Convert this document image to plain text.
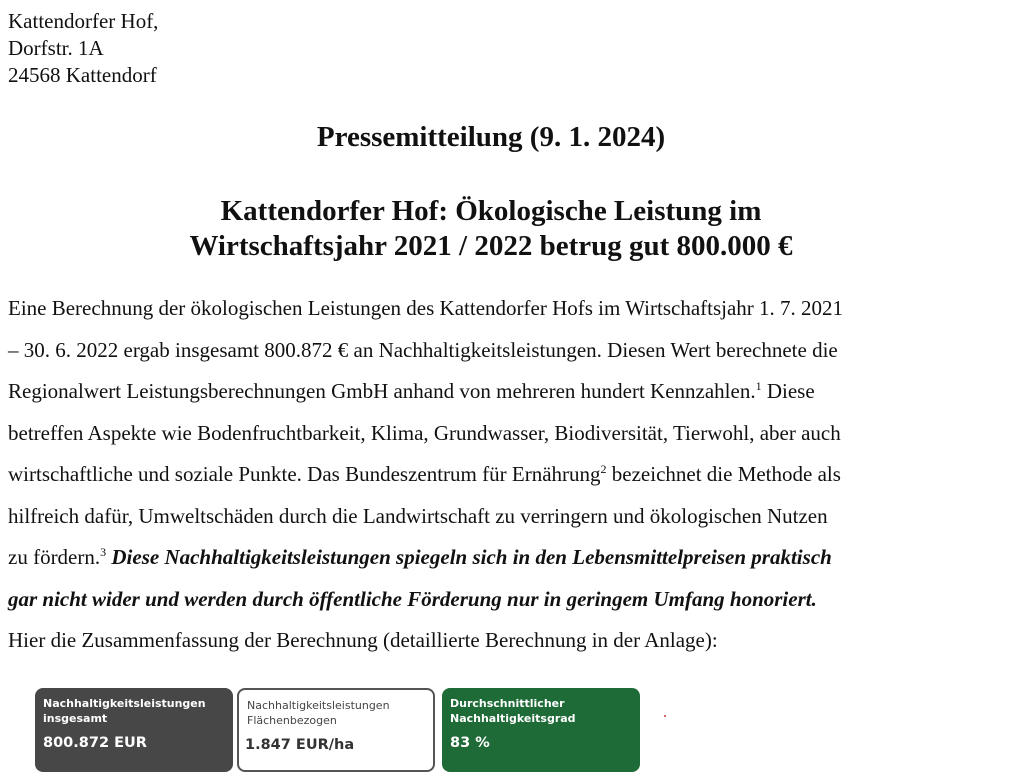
Kattendorfer Hof,
Dorfstr. 1A
24568 Kattendorf
Pressemitteilung (9. 1. 2024)
Kattendorfer Hof: Ökologische Leistung im
Wirtschaftsjahr 2021 / 2022 betrug gut 800.000 €
Eine Berechnung der ökologischen Leistungen des Kattendorfer Hofs im Wirtschaftsjahr 1. 7. 2021
– 30. 6. 2022 ergab insgesamt 800.872 € an Nachhaltigkeitsleistungen. Diesen Wert berechnete die
Regionalwert Leistungsberechnungen GmbH anhand von mehreren hundert Kennzahlen.$^1$ Diese
betreffen Aspekte wie Bodenfruchtbarkeit, Klima, Grundwasser, Biodiversität, Tierwohl, aber auch
wirtschaftliche und soziale Punkte. Das Bundeszentrum für Ernährung$^2$ bezeichnet die Methode als
hilfreich dafür, Umweltschäden durch die Landwirtschaft zu verringern und ökologischen Nutzen
zu fördern.$^3$ Diese Nachhaltigkeitsleistungen spiegeln sich in den Lebensmittelpreisen praktisch
gar nicht wider und werden durch öffentliche Förderung nur in geringem Umfang honoriert.
Hier die Zusammenfassung der Berechnung (detaillierte Berechnung in der Anlage):
Nachhaltigkeitsleistungen
insgesamt
800.872 EUR
Nachhaltigkeitsleistungen
Flächenbezogen
1.847 EUR/ha
Durchschnittlicher
Nachhaltigkeitsgrad
83 %
